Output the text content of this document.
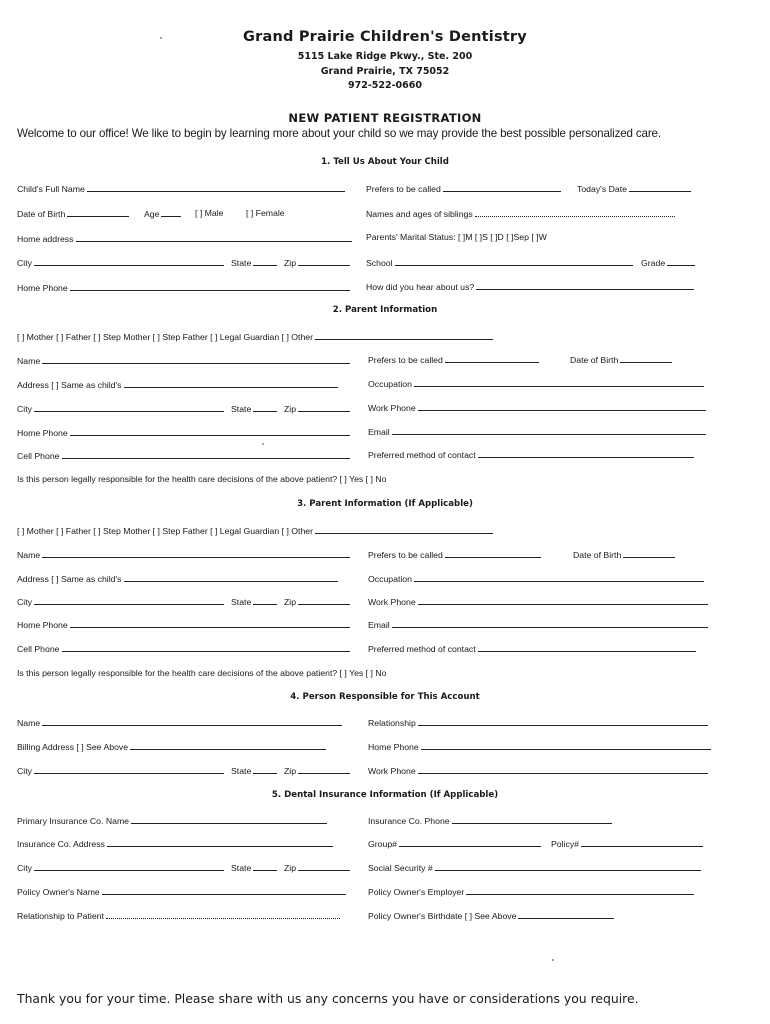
Grand Prairie Children's Dentistry
5115 Lake Ridge Pkwy., Ste. 200
Grand Prairie, TX 75052
972-522-0660
NEW PATIENT REGISTRATION
Welcome to our office! We like to begin by learning more about your child so we may provide the best possible personalized care.
1. Tell Us About Your Child
Child's Full Name	Prefers to be called	Today's Date
Date of Birth	Age	[ ] Male	[ ] Female	Names and ages of siblings
Home address	Parents' Marital Status: [ ]M [ ]S [ ]D [ ]Sep [ ]W
City	State	Zip	School	Grade
Home Phone	How did you hear about us?
2. Parent Information
[ ] Mother [ ] Father [ ] Step Mother [ ] Step Father [ ] Legal Guardian [ ] Other
Name	Prefers to be called	Date of Birth
Address [ ] Same as child's	Occupation
City	State	Zip	Work Phone
Home Phone	Email
Cell Phone	Preferred method of contact
Is this person legally responsible for the health care decisions of the above patient? [ ] Yes [ ] No
3. Parent Information (If Applicable)
[ ] Mother [ ] Father [ ] Step Mother [ ] Step Father [ ] Legal Guardian [ ] Other
Name	Prefers to be called	Date of Birth
Address [ ] Same as child's	Occupation
City	State	Zip	Work Phone
Home Phone	Email
Cell Phone	Preferred method of contact
Is this person legally responsible for the health care decisions of the above patient? [ ] Yes [ ] No
4. Person Responsible for This Account
Name	Relationship
Billing Address [ ] See Above	Home Phone
City	State	Zip	Work Phone
5. Dental Insurance Information (If Applicable)
Primary Insurance Co. Name	Insurance Co. Phone
Insurance Co. Address	Group#	Policy#
City	State	Zip	Social Security #
Policy Owner's Name	Policy Owner's Employer
Relationship to Patient	Policy Owner's Birthdate [ ] See Above
Thank you for your time. Please share with us any concerns you have or considerations you require.
